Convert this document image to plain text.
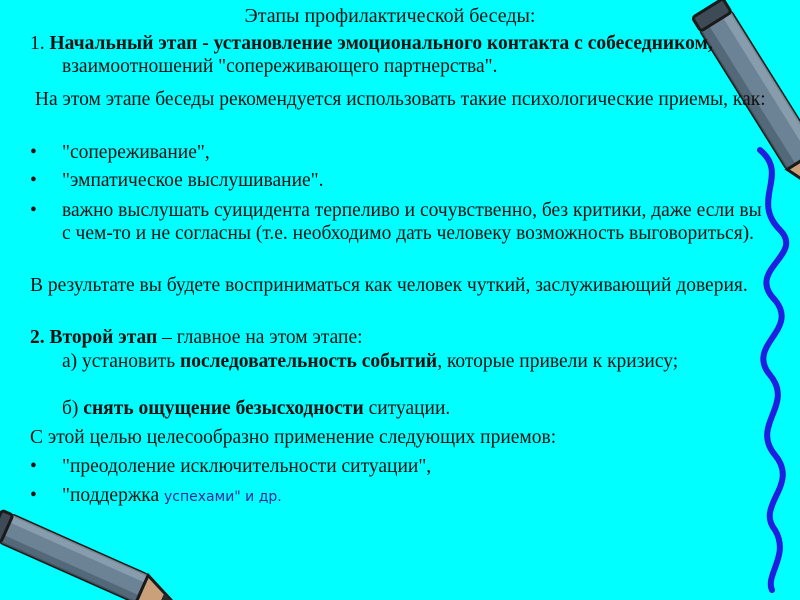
Этапы профилактической беседы:

1. Начальный этап - установление эмоционального контакта с собеседником, взаимоотношений "сопереживающего партнерства".

На этом этапе беседы рекомендуется использовать такие психологические приемы, как:

•	"сопереживание",
•	"эмпатическое выслушивание".
•	важно выслушать суицидента терпеливо и сочувственно, без критики, даже если вы с чем-то и не согласны (т.е. необходимо дать человеку возможность выговориться).

В результате вы будете восприниматься как человек чуткий, заслуживающий доверия.

2. Второй этап – главное на этом этапе:

а) установить последовательность событий, которые привели к кризису;

б) снять ощущение безысходности ситуации.

С этой целью целесообразно применение следующих приемов:

•	"преодоление исключительности ситуации",
•	"поддержка успехами" и др.
